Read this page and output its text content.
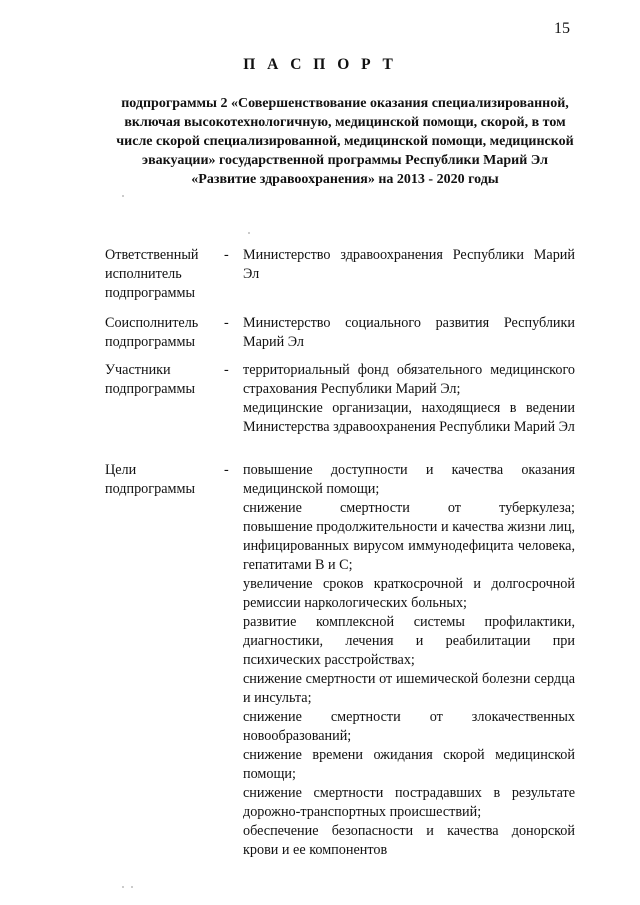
15
П А С П О Р Т
подпрограммы 2 «Совершенствование оказания специализированной, включая высокотехнологичную, медицинской помощи, скорой, в том числе скорой специализированной, медицинской помощи, медицинской эвакуации» государственной программы Республики Марий Эл «Развитие здравоохранения» на 2013 - 2020 годы
Ответственный исполнитель подпрограммы
- Министерство здравоохранения Республики Марий Эл
Соисполнитель подпрограммы
- Министерство социального развития Республики Марий Эл
Участники подпрограммы
- территориальный фонд обязательного медицинского страхования Республики Марий Эл;
медицинские организации, находящиеся в ведении Министерства здравоохранения Республики Марий Эл
Цели подпрограммы
- повышение доступности и качества оказания медицинской помощи;
снижение смертности от туберкулеза;
повышение продолжительности и качества жизни лиц, инфицированных вирусом иммунодефицита человека, гепатитами B и C;
увеличение сроков краткосрочной и долгосрочной ремиссии наркологических больных;
развитие комплексной системы профилактики, диагностики, лечения и реабилитации при психических расстройствах;
снижение смертности от ишемической болезни сердца и инсульта;
снижение смертности от злокачественных новообразований;
снижение времени ожидания скорой медицинской помощи;
снижение смертности пострадавших в результате дорожно-транспортных происшествий;
обеспечение безопасности и качества донорской крови и ее компонентов
